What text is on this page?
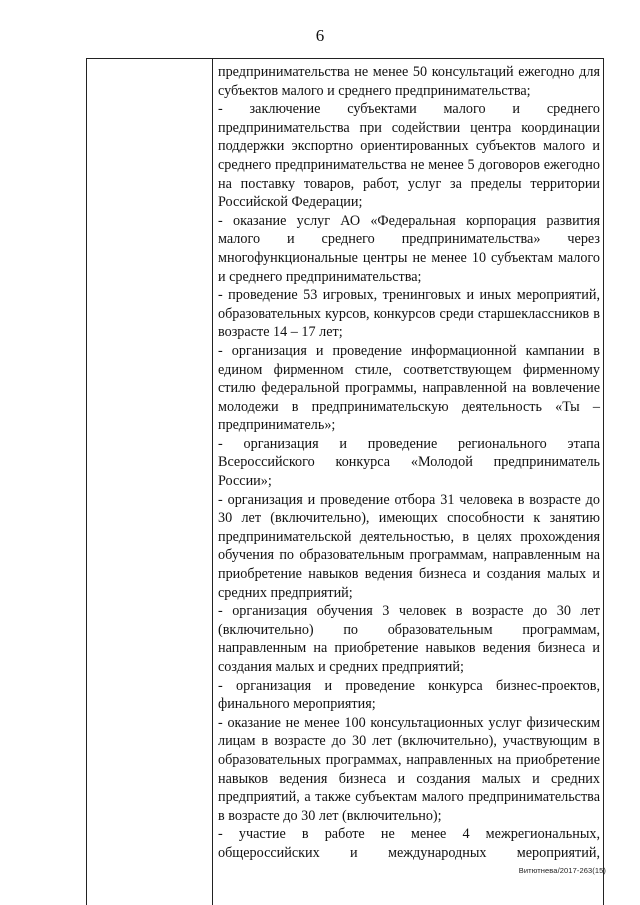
6

предпринимательства не менее 50 консультаций ежегодно для субъектов малого и среднего предпринимательства;

- заключение субъектами малого и среднего предпринимательства при содействии центра координации поддержки экспортно ориентированных субъектов малого и среднего предпринимательства не менее 5 договоров ежегодно на поставку товаров, работ, услуг за пределы территории Российской Федерации;

- оказание услуг АО «Федеральная корпорация развития малого и среднего предпринимательства» через многофункциональные центры не менее 10 субъектам малого и среднего предпринимательства;

- проведение 53 игровых, тренинговых и иных мероприятий, образовательных курсов, конкурсов среди старшеклассников в возрасте 14 – 17 лет;

- организация и проведение информационной кампании в едином фирменном стиле, соответствующем фирменному стилю федеральной программы, направленной на вовлечение молодежи в предпринимательскую деятельность «Ты – предприниматель»;

- организация и проведение регионального этапа Всероссийского конкурса «Молодой предприниматель России»;

- организация и проведение отбора 31 человека в возрасте до 30 лет (включительно), имеющих способности к занятию предпринимательской деятельностью, в целях прохождения обучения по образовательным программам, направленным на приобретение навыков ведения бизнеса и создания малых и средних предприятий;

- организация обучения 3 человек в возрасте до 30 лет (включительно) по образовательным программам, направленным на приобретение навыков ведения бизнеса и создания малых и средних предприятий;

- организация и проведение конкурса бизнес-проектов, финального мероприятия;

- оказание не менее 100 консультационных услуг физическим лицам в возрасте до 30 лет (включительно), участвующим в образовательных программах, направленных на приобретение навыков ведения бизнеса и создания малых и средних предприятий, а также субъектам малого предпринимательства в возрасте до 30 лет (включительно);

- участие в работе не менее 4 межрегиональных, общероссийских и международных мероприятий,

Витютнева/2017-263(15)
